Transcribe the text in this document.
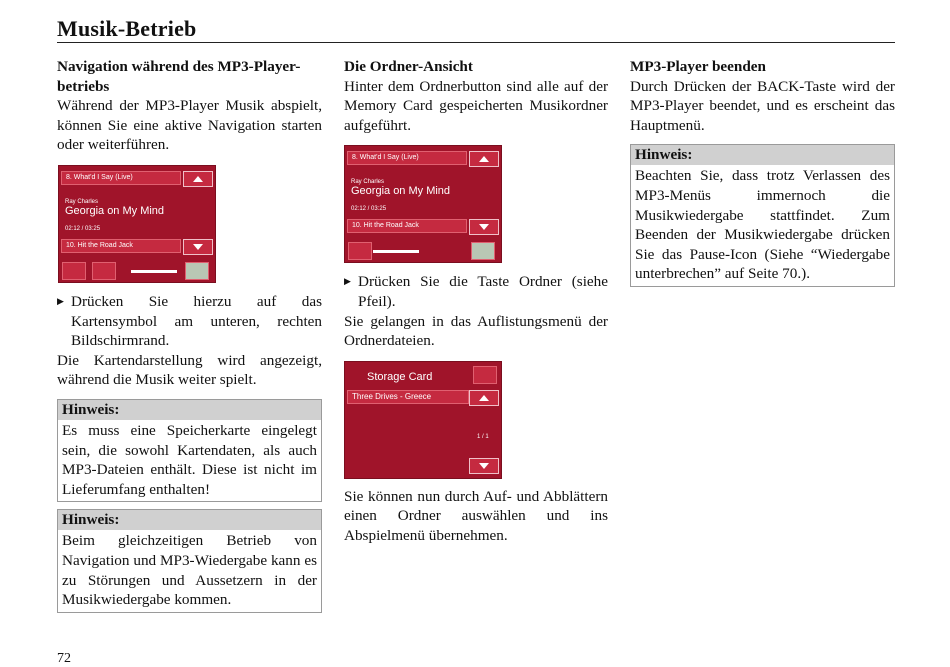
Musik-Betrieb
Navigation während des MP3-Player-betriebs

Während der MP3-Player Musik abspielt, können Sie eine aktive Navigation starten oder weiterführen.

8. What'd I Say (Live)
Ray Charles
Georgia on My Mind
02:12 / 03:25
10. Hit the Road Jack
▶ Drücken Sie hierzu auf das Kartensymbol am unteren, rechten Bildschirmrand.

Die Kartendarstellung wird angezeigt, während die Musik weiter spielt.

Hinweis:
Es muss eine Speicherkarte eingelegt sein, die sowohl Kartendaten, als auch MP3-Dateien enthält. Diese ist nicht im Lieferumfang enthalten!
Hinweis:
Beim gleichzeitigen Betrieb von Navigation und MP3-Wiedergabe kann es zu Störungen und Aussetzern in der Musikwiedergabe kommen.
Die Ordner-Ansicht

Hinter dem Ordnerbutton sind alle auf der Memory Card gespeicherten Musikordner aufgeführt.

8. What'd I Say (Live)
Ray Charles
Georgia on My Mind
02:12 / 03:25
10. Hit the Road Jack
▶ Drücken Sie die Taste Ordner (siehe Pfeil).

Sie gelangen in das Auflistungsmenü der Ordnerdateien.

Storage Card
Three Drives - Greece
1 / 1

Sie können nun durch Auf- und Abblättern einen Ordner auswählen und ins Abspielmenü übernehmen.

MP3-Player beenden

Durch Drücken der BACK-Taste wird der MP3-Player beendet, und es erscheint das Hauptmenü.

Hinweis:
Beachten Sie, dass trotz Verlassen des MP3-Menüs immernoch die Musikwiedergabe stattfindet. Zum Beenden der Musikwiedergabe drücken Sie das Pause-Icon (Siehe “Wiedergabe unterbrechen” auf Seite 70.).
72
